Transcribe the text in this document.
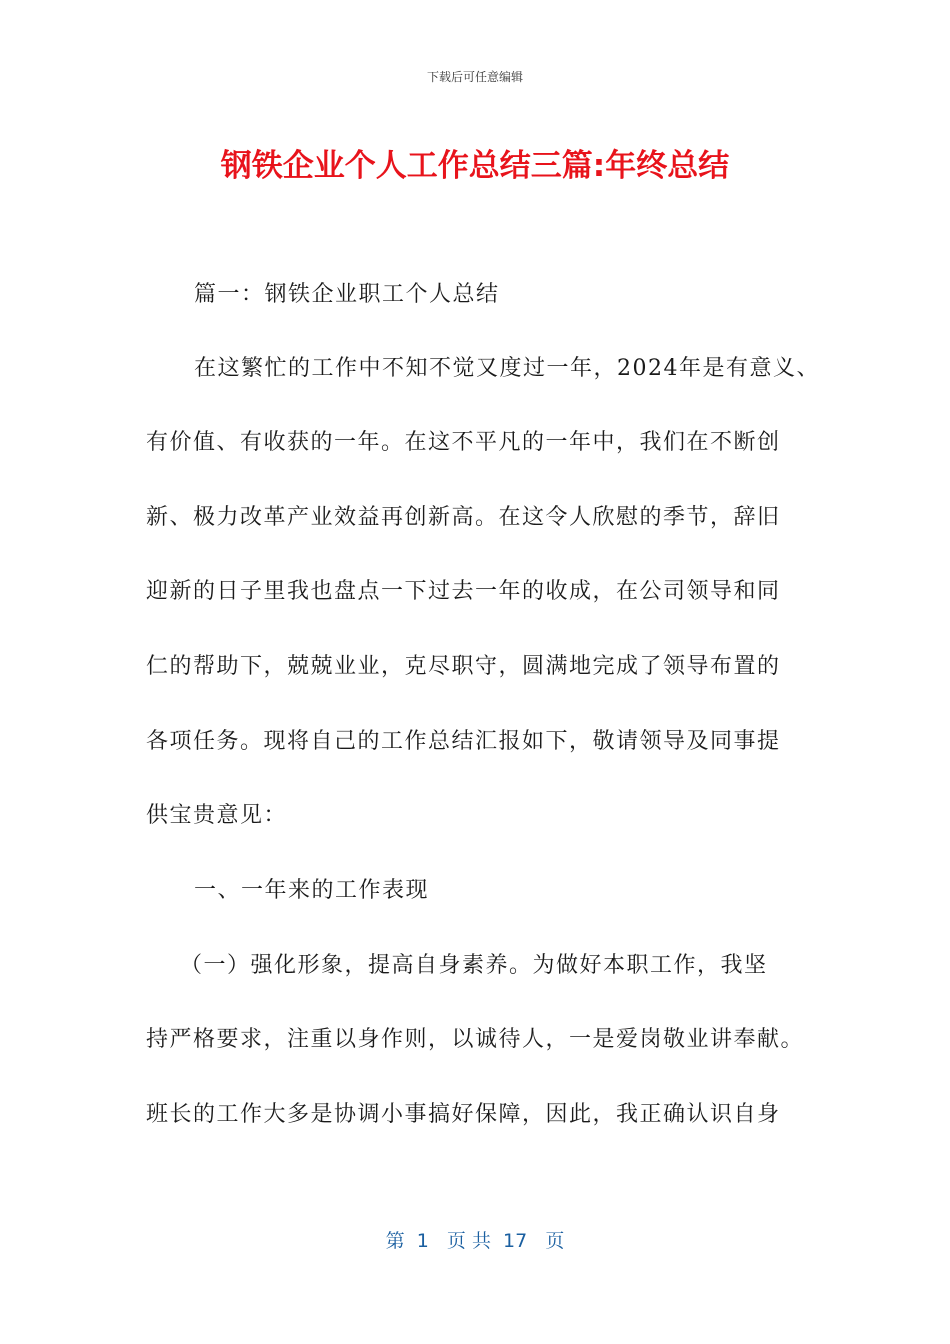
下载后可任意编辑
钢铁企业个人工作总结三篇:年终总结
篇一：钢铁企业职工个人总结
在这繁忙的工作中不知不觉又度过一年，2024年是有意义、
有价值、有收获的一年。在这不平凡的一年中，我们在不断创
新、极力改革产业效益再创新高。在这令人欣慰的季节，辞旧
迎新的日子里我也盘点一下过去一年的收成，在公司领导和同
仁的帮助下，兢兢业业，克尽职守，圆满地完成了领导布置的
各项任务。现将自己的工作总结汇报如下，敬请领导及同事提
供宝贵意见：
一、一年来的工作表现
（一）强化形象，提高自身素养。为做好本职工作，我坚
持严格要求，注重以身作则，以诚待人，一是爱岗敬业讲奉献。
班长的工作大多是协调小事搞好保障，因此，我正确认识自身
第  1   页 共  17   页
